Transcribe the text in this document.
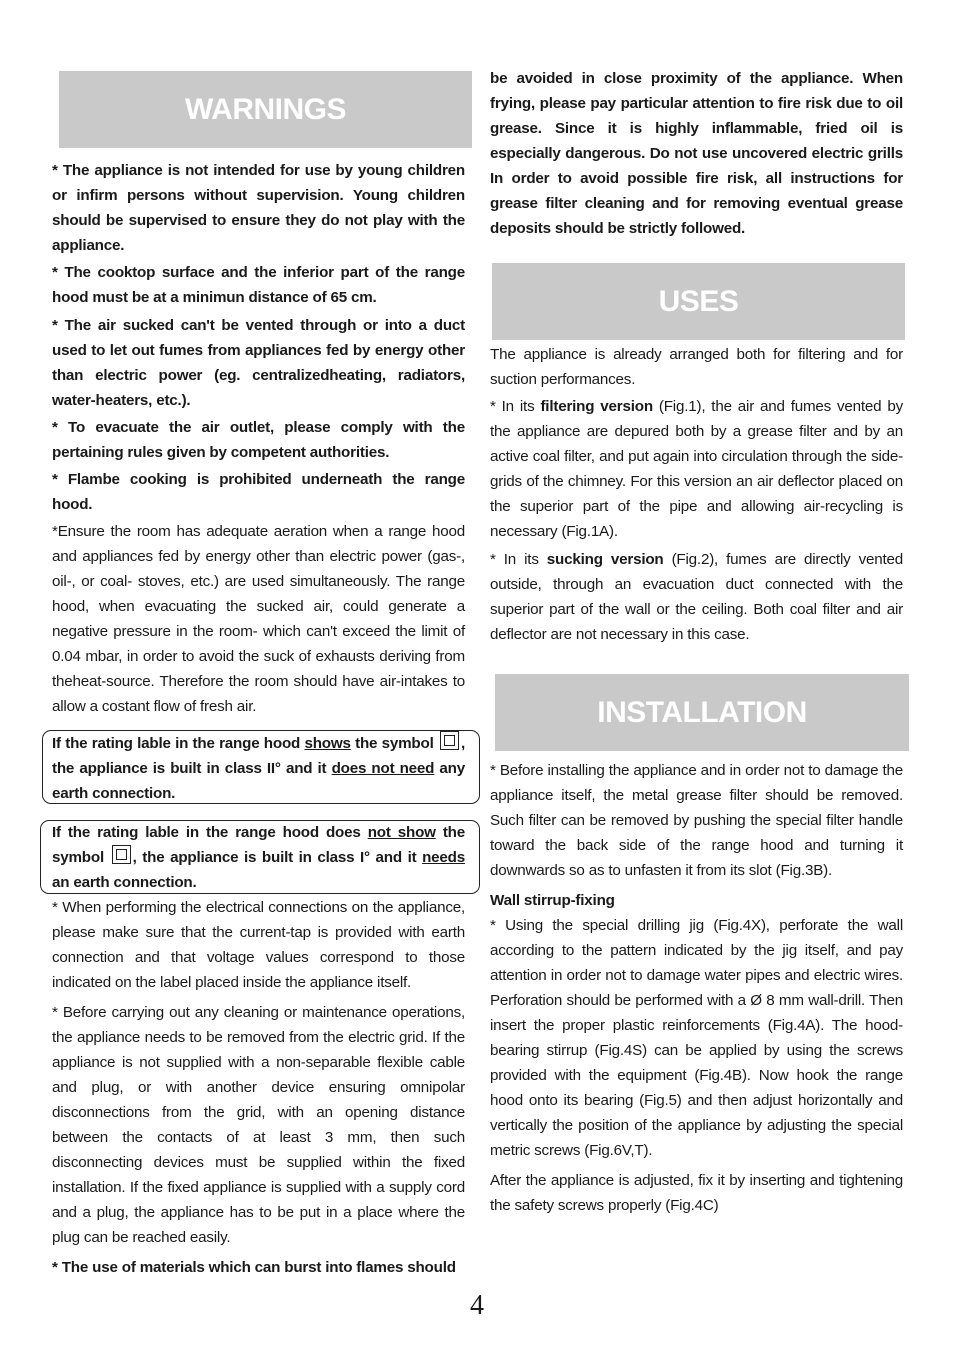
WARNINGS

* The appliance is not intended for use by young children or infirm persons without supervision. Young children should be supervised to ensure they do not play with the appliance.

* The cooktop surface and the inferior part of the range hood must be at a minimun distance of 65 cm.

* The air sucked can't be vented through or into a duct used to let out fumes from appliances fed by energy other than electric power (eg. centralizedheating, radiators, water-heaters, etc.).

* To evacuate the air outlet, please comply with the pertaining rules given by competent authorities.

* Flambe cooking is prohibited underneath the range hood.

*Ensure the room has adequate aeration when a range hood and appliances fed by energy other than electric power (gas-, oil-, or coal- stoves, etc.) are used simultaneously. The range hood, when evacuating the sucked air, could generate a negative pressure in the room- which can't exceed the limit of 0.04 mbar, in order to avoid the suck of exhausts deriving from theheat-source. Therefore the room should have air-intakes to allow a costant flow of fresh air.

If the rating lable in the range hood shows the symbol , the appliance is built in class II° and it does not need any earth connection.

If the rating lable in the range hood does not show the symbol , the appliance is built in class I° and it needs an earth connection.

* When performing the electrical connections on the appliance, please make sure that the current-tap is provided with earth connection and that voltage values correspond to those indicated on the label placed inside the appliance itself.

* Before carrying out any cleaning or maintenance operations, the appliance needs to be removed from the electric grid. If the appliance is not supplied with a non-separable flexible cable and plug, or with another device ensuring omnipolar disconnections from the grid, with an opening distance between the contacts of at least 3 mm, then such disconnecting devices must be supplied within the fixed installation. If the fixed appliance is supplied with a supply cord and a plug, the appliance has to be put in a place where the plug can be reached easily.

* The use of materials which can burst into flames should

be avoided in close proximity of the appliance. When frying, please pay particular attention to fire risk due to oil grease. Since it is highly inflammable, fried oil is especially dangerous. Do not use uncovered electric grills In order to avoid possible fire risk, all instructions for grease filter cleaning and for removing eventual grease deposits should be strictly followed.

USES

The appliance is already arranged both for filtering and for suction performances.

* In its filtering version (Fig.1), the air and fumes vented by the appliance are depured both by a grease filter and by an active coal filter, and put again into circulation through the side-grids of the chimney. For this version an air deflector placed on the superior part of the pipe and allowing air-recycling is necessary (Fig.1A).

* In its sucking version (Fig.2), fumes are directly vented outside, through an evacuation duct connected with the superior part of the wall or the ceiling. Both coal filter and air deflector are not necessary in this case.

INSTALLATION

* Before installing the appliance and in order not to damage the appliance itself, the metal grease filter should be removed. Such filter can be removed by pushing the special filter handle toward the back side of the range hood and turning it downwards so as to unfasten it from its slot (Fig.3B).

Wall stirrup-fixing

* Using the special drilling jig (Fig.4X), perforate the wall according to the pattern indicated by the jig itself, and pay attention in order not to damage water pipes and electric wires. Perforation should be performed with a Ø 8 mm wall-drill. Then insert the proper plastic reinforcements (Fig.4A). The hood-bearing stirrup (Fig.4S) can be applied by using the screws provided with the equipment (Fig.4B). Now hook the range hood onto its bearing (Fig.5) and then adjust horizontally and vertically the position of the appliance by adjusting the special metric screws (Fig.6V,T).

After the appliance is adjusted, fix it by inserting and tightening the safety screws properly (Fig.4C)

4
